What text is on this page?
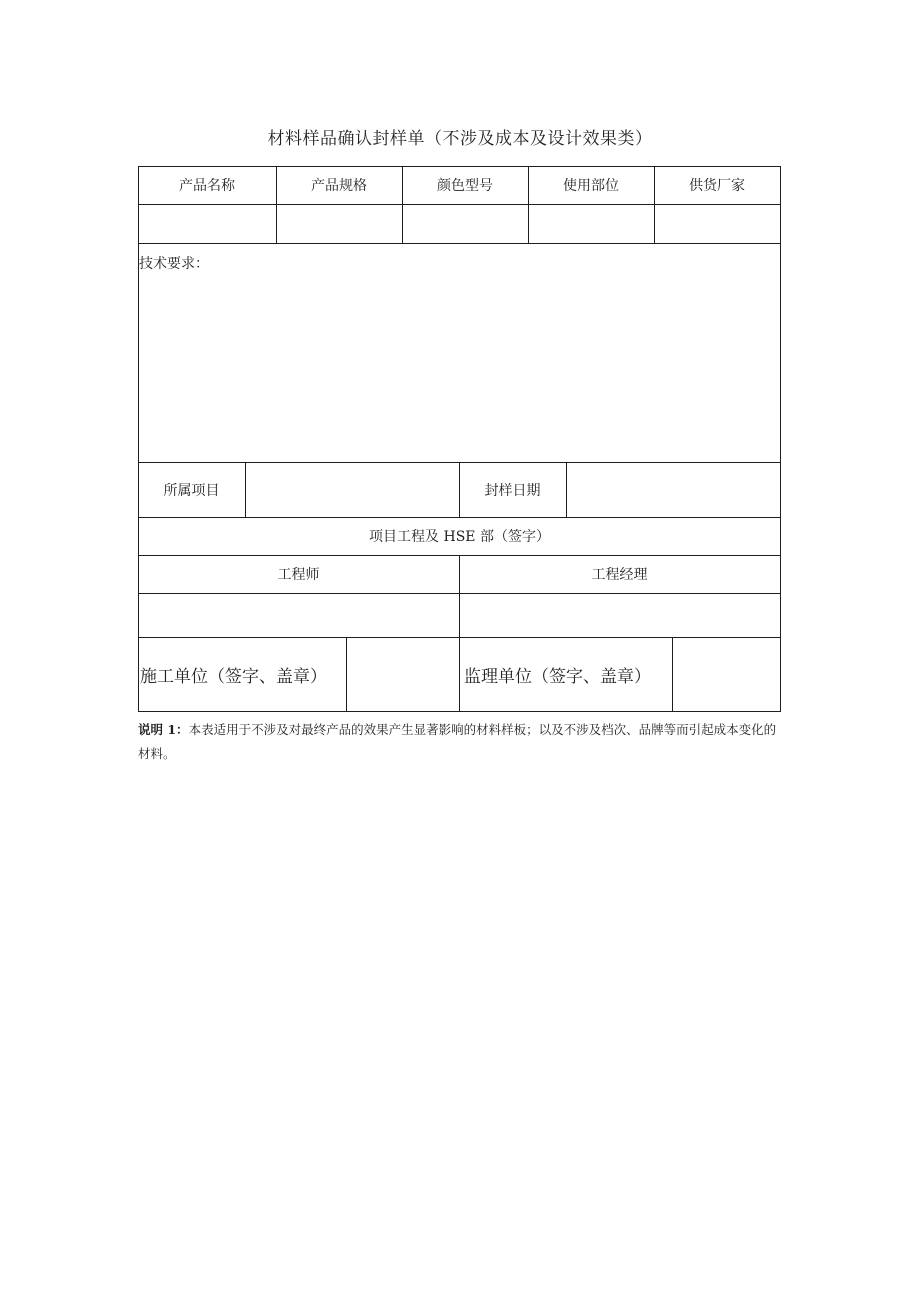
材料样品确认封样单（不涉及成本及设计效果类）
产品名称	产品规格	颜色型号	使用部位	供货厂家
技术要求：
所属项目	封样日期
项目工程及 HSE 部（签字）
工程师	工程经理
施工单位（签字、盖章）	监理单位（签字、盖章）
说明 1：本表适用于不涉及对最终产品的效果产生显著影响的材料样板；以及不涉及档次、品牌等而引起成本变化的材料。
